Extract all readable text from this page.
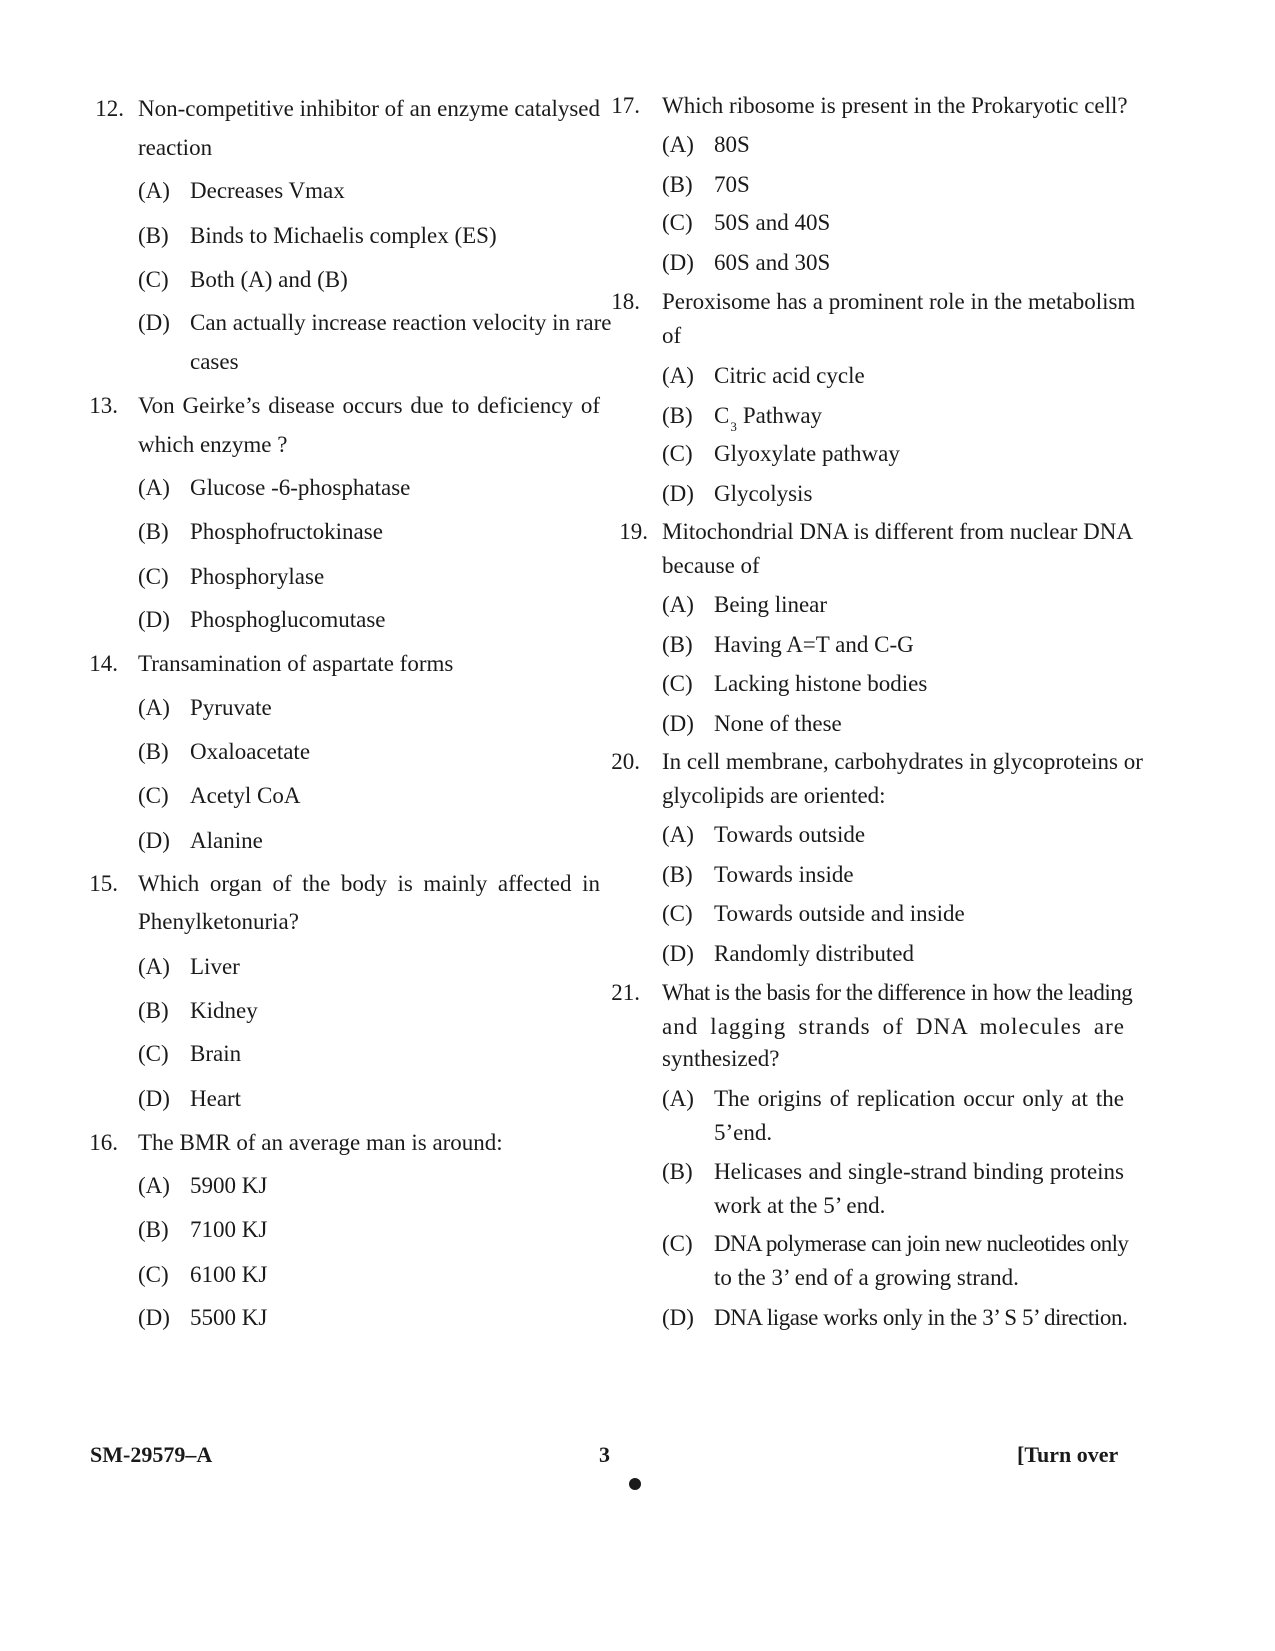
12. Non-competitive inhibitor of an enzyme catalysed
reaction
(A) Decreases Vmax
(B) Binds to Michaelis complex (ES)
(C) Both (A) and (B)
(D) Can actually increase reaction velocity in rare
cases
13. Von Geirke’s disease occurs due to deficiency of
which enzyme ?
(A) Glucose -6-phosphatase
(B) Phosphofructokinase
(C) Phosphorylase
(D) Phosphoglucomutase
14. Transamination of aspartate forms
(A) Pyruvate
(B) Oxaloacetate
(C) Acetyl CoA
(D) Alanine
15. Which organ of the body is mainly affected in
Phenylketonuria?
(A) Liver
(B) Kidney
(C) Brain
(D) Heart
16. The BMR of an average man is around:
(A) 5900 KJ
(B) 7100 KJ
(C) 6100 KJ
(D) 5500 KJ
17. Which ribosome is present in the Prokaryotic cell?
(A) 80S
(B) 70S
(C) 50S and 40S
(D) 60S and 30S
18. Peroxisome has a prominent role in the metabolism
of
(A) Citric acid cycle
(B) $C_3$ Pathway
(C) Glyoxylate pathway
(D) Glycolysis
19. Mitochondrial DNA is different from nuclear DNA
because of
(A) Being linear
(B) Having A=T and C-G
(C) Lacking histone bodies
(D) None of these
20. In cell membrane, carbohydrates in glycoproteins or
glycolipids are oriented:
(A) Towards outside
(B) Towards inside
(C) Towards outside and inside
(D) Randomly distributed
21. What is the basis for the difference in how the leading
and lagging strands of DNA molecules are
synthesized?
(A) The origins of replication occur only at the
5’end.
(B) Helicases and single-strand binding proteins
work at the 5’ end.
(C) DNA polymerase can join new nucleotides only
to the 3’ end of a growing strand.
(D) DNA ligase works only in the 3’ S 5’ direction.
SM-29579–A	3	[Turn over
